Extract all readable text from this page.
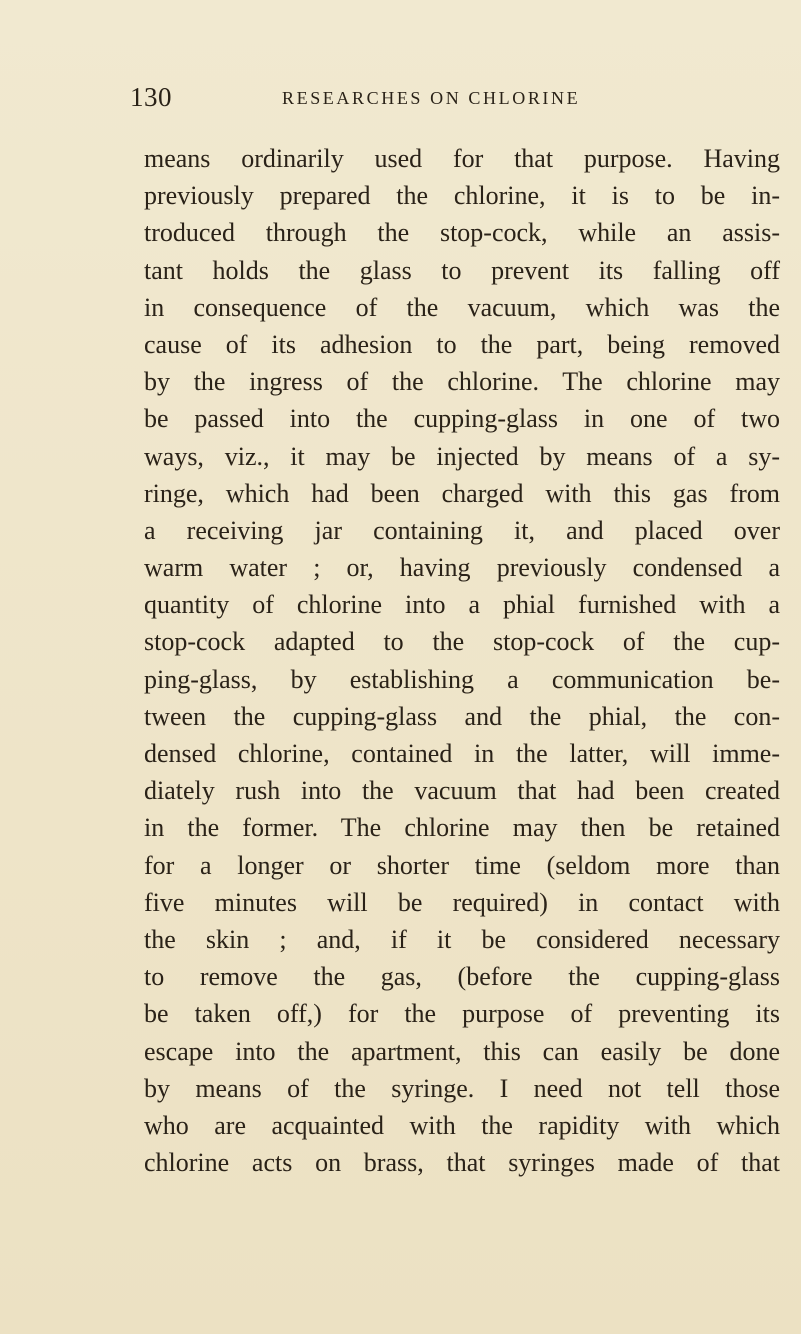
130	RESEARCHES ON CHLORINE
means ordinarily used for that purpose. Having
previously prepared the chlorine, it is to be in-
troduced through the stop-cock, while an assis-
tant holds the glass to prevent its falling off
in consequence of the vacuum, which was the
cause of its adhesion to the part, being removed
by the ingress of the chlorine. The chlorine may
be passed into the cupping-glass in one of two
ways, viz., it may be injected by means of a sy-
ringe, which had been charged with this gas from
a receiving jar containing it, and placed over
warm water ; or, having previously condensed a
quantity of chlorine into a phial furnished with a
stop-cock adapted to the stop-cock of the cup-
ping-glass, by establishing a communication be-
tween the cupping-glass and the phial, the con-
densed chlorine, contained in the latter, will imme-
diately rush into the vacuum that had been created
in the former. The chlorine may then be retained
for a longer or shorter time (seldom more than
five minutes will be required) in contact with
the skin ; and, if it be considered necessary
to remove the gas, (before the cupping-glass
be taken off,) for the purpose of preventing its
escape into the apartment, this can easily be done
by means of the syringe. I need not tell those
who are acquainted with the rapidity with which
chlorine acts on brass, that syringes made of that
